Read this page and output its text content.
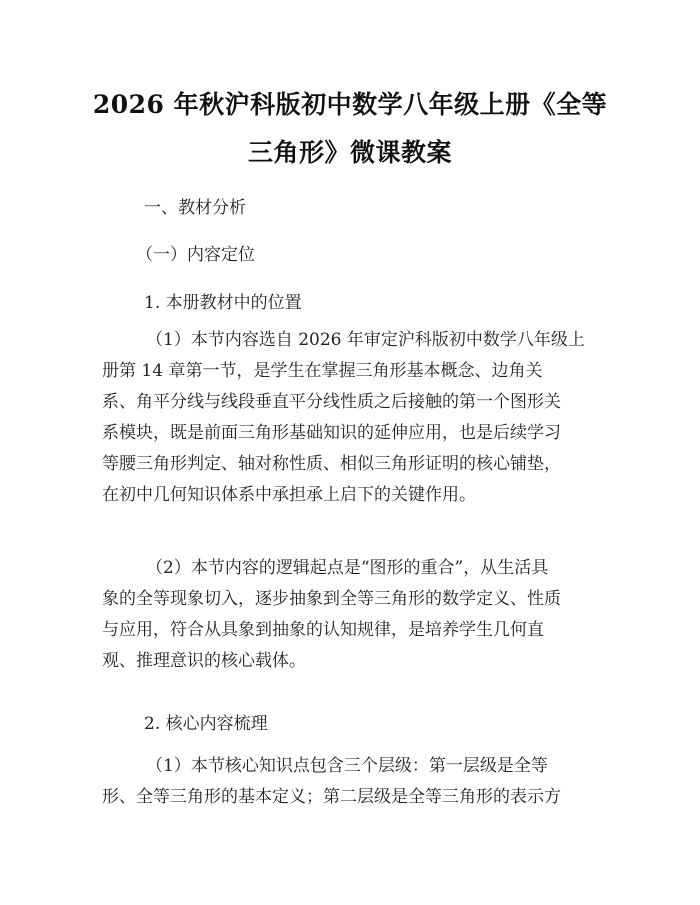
2026 年秋沪科版初中数学八年级上册《全等
三角形》微课教案
一、教材分析
（一）内容定位
1. 本册教材中的位置
（1）本节内容选自 2026 年审定沪科版初中数学八年级上
册第 14 章第一节，是学生在掌握三角形基本概念、边角关
系、角平分线与线段垂直平分线性质之后接触的第一个图形关
系模块，既是前面三角形基础知识的延伸应用，也是后续学习
等腰三角形判定、轴对称性质、相似三角形证明的核心铺垫，
在初中几何知识体系中承担承上启下的关键作用。
（2）本节内容的逻辑起点是“图形的重合”，从生活具
象的全等现象切入，逐步抽象到全等三角形的数学定义、性质
与应用，符合从具象到抽象的认知规律，是培养学生几何直
观、推理意识的核心载体。
2. 核心内容梳理
（1）本节核心知识点包含三个层级：第一层级是全等
形、全等三角形的基本定义；第二层级是全等三角形的表示方
